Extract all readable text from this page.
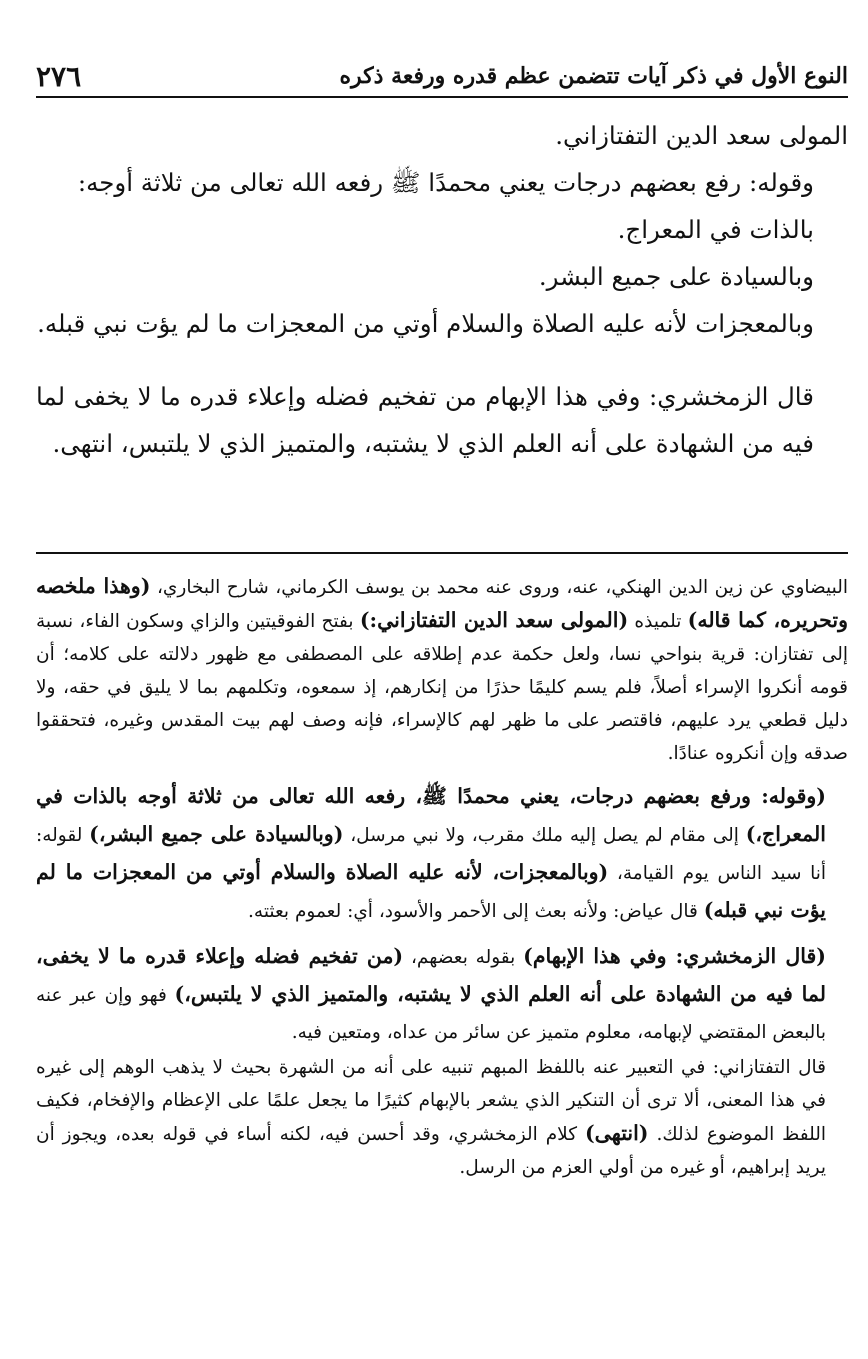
النوع الأول في ذكر آيات تتضمن عظم قدره ورفعة ذكره
٢٧٦

المولى سعد الدين التفتازاني.

وقوله: رفع بعضهم درجات يعني محمدًا ﷺ رفعه الله تعالى من ثلاثة أوجه:

بالذات في المعراج.

وبالسيادة على جميع البشر.

وبالمعجزات لأنه عليه الصلاة والسلام أوتي من المعجزات ما لم يؤت نبي قبله.

قال الزمخشري: وفي هذا الإبهام من تفخيم فضله وإعلاء قدره ما لا يخفى لما فيه من الشهادة على أنه العلم الذي لا يشتبه، والمتميز الذي لا يلتبس، انتهى.

البيضاوي عن زين الدين الهنكي، عنه، وروى عنه محمد بن يوسف الكرماني، شارح البخاري، (وهذا ملخصه وتحريره، كما قاله) تلميذه (المولى سعد الدين التفتازاني:) بفتح الفوقيتين والزاي وسكون الفاء، نسبة إلى تفتازان: قرية بنواحي نسا، ولعل حكمة عدم إطلاقه على المصطفى مع ظهور دلالته على كلامه؛ أن قومه أنكروا الإسراء أصلاً، فلم يسم كليمًا حذرًا من إنكارهم، إذ سمعوه، وتكلمهم بما لا يليق في حقه، ولا دليل قطعي يرد عليهم، فاقتصر على ما ظهر لهم كالإسراء، فإنه وصف لهم بيت المقدس وغيره، فتحققوا صدقه وإن أنكروه عنادًا.

(وقوله: ورفع بعضهم درجات، يعني محمدًا ﷺ، رفعه الله تعالى من ثلاثة أوجه بالذات في المعراج،) إلى مقام لم يصل إليه ملك مقرب، ولا نبي مرسل، (وبالسيادة على جميع البشر،) لقوله: أنا سيد الناس يوم القيامة، (وبالمعجزات، لأنه عليه الصلاة والسلام أوتي من المعجزات ما لم يؤت نبي قبله) قال عياض: ولأنه بعث إلى الأحمر والأسود، أي: لعموم بعثته.

(قال الزمخشري: وفي هذا الإبهام) بقوله بعضهم، (من تفخيم فضله وإعلاء قدره ما لا يخفى، لما فيه من الشهادة على أنه العلم الذي لا يشتبه، والمتميز الذي لا يلتبس،) فهو وإن عبر عنه بالبعض المقتضي لإبهامه، معلوم متميز عن سائر من عداه، ومتعين فيه.

قال التفتازاني: في التعبير عنه باللفظ المبهم تنبيه على أنه من الشهرة بحيث لا يذهب الوهم إلى غيره في هذا المعنى، ألا ترى أن التنكير الذي يشعر بالإبهام كثيرًا ما يجعل علمًا على الإعظام والإفخام، فكيف اللفظ الموضوع لذلك. (انتهى) كلام الزمخشري، وقد أحسن فيه، لكنه أساء في قوله بعده، ويجوز أن يريد إبراهيم، أو غيره من أولي العزم من الرسل.
